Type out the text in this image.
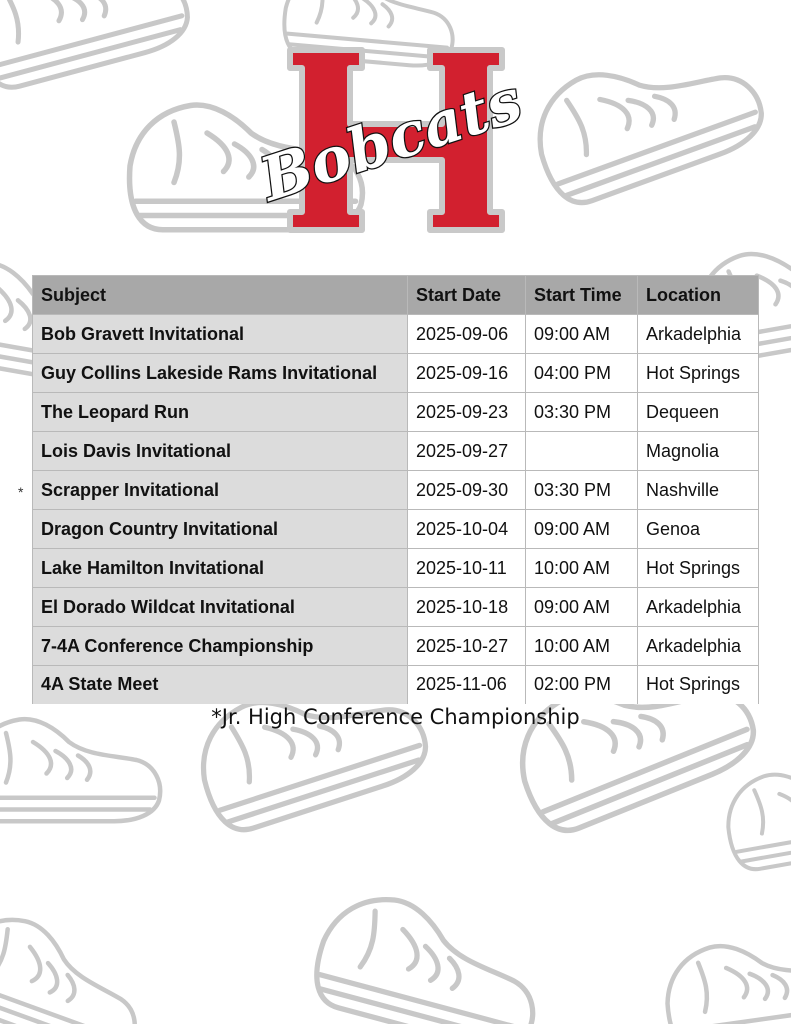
Bobcats
Subject	Start Date	Start Time	Location
Bob Gravett Invitational	2025-09-06	09:00 AM	Arkadelphia
Guy Collins Lakeside Rams Invitational	2025-09-16	04:00 PM	Hot Springs
The Leopard Run	2025-09-23	03:30 PM	Dequeen
Lois Davis Invitational	2025-09-27		Magnolia
Scrapper Invitational	2025-09-30	03:30 PM	Nashville
Dragon Country Invitational	2025-10-04	09:00 AM	Genoa
Lake Hamilton Invitational	2025-10-11	10:00 AM	Hot Springs
El Dorado Wildcat Invitational	2025-10-18	09:00 AM	Arkadelphia
7-4A Conference Championship	2025-10-27	10:00 AM	Arkadelphia
4A State Meet	2025-11-06	02:00 PM	Hot Springs
*
*Jr. High Conference Championship
